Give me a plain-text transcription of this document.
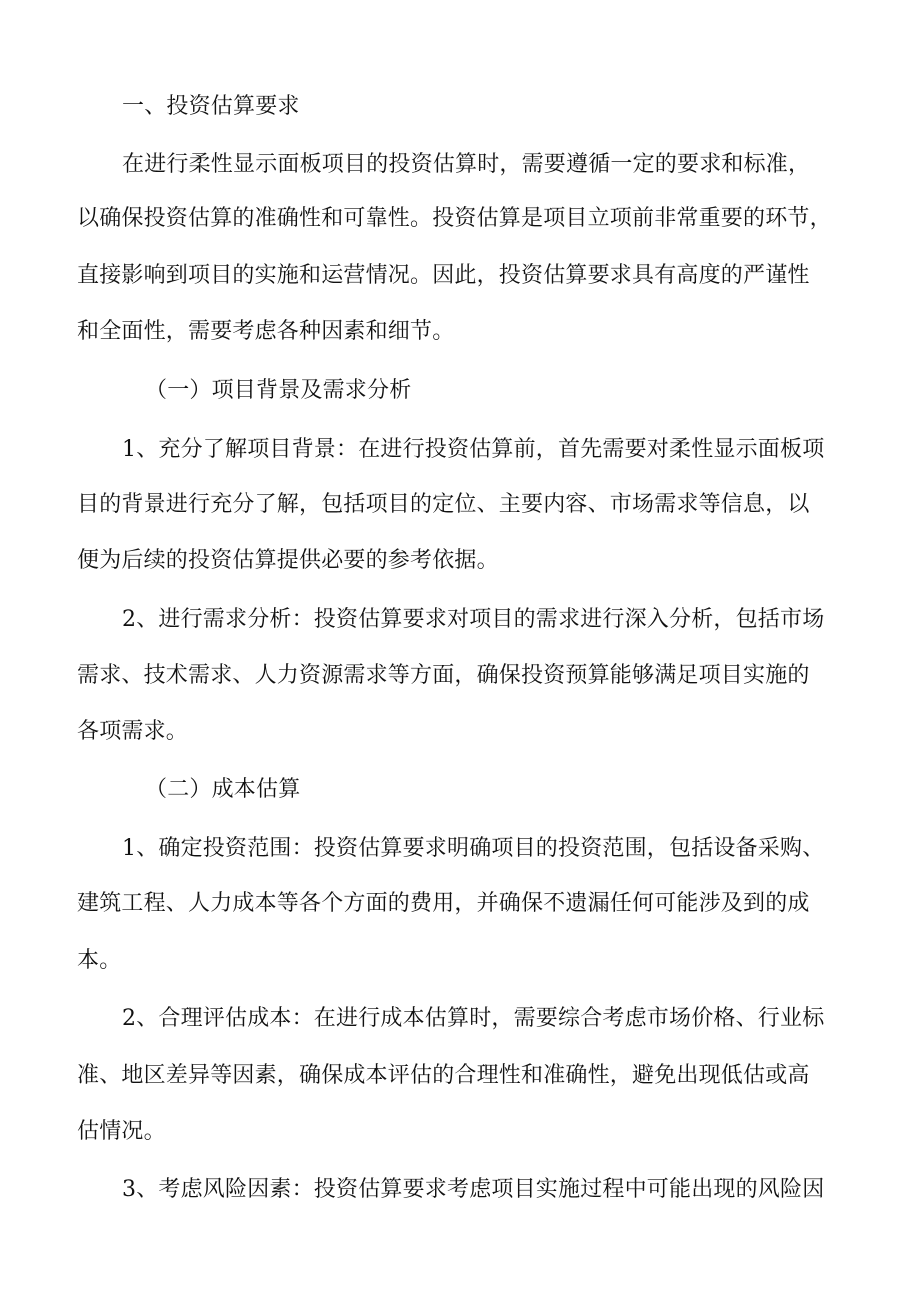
一、投资估算要求
在进行柔性显示面板项目的投资估算时，需要遵循一定的要求和标准，
以确保投资估算的准确性和可靠性。投资估算是项目立项前非常重要的环节，
直接影响到项目的实施和运营情况。因此，投资估算要求具有高度的严谨性
和全面性，需要考虑各种因素和细节。
（一）项目背景及需求分析
1、充分了解项目背景：在进行投资估算前，首先需要对柔性显示面板项
目的背景进行充分了解，包括项目的定位、主要内容、市场需求等信息，以
便为后续的投资估算提供必要的参考依据。
2、进行需求分析：投资估算要求对项目的需求进行深入分析，包括市场
需求、技术需求、人力资源需求等方面，确保投资预算能够满足项目实施的
各项需求。
（二）成本估算
1、确定投资范围：投资估算要求明确项目的投资范围，包括设备采购、
建筑工程、人力成本等各个方面的费用，并确保不遗漏任何可能涉及到的成
本。
2、合理评估成本：在进行成本估算时，需要综合考虑市场价格、行业标
准、地区差异等因素，确保成本评估的合理性和准确性，避免出现低估或高
估情况。
3、考虑风险因素：投资估算要求考虑项目实施过程中可能出现的风险因
